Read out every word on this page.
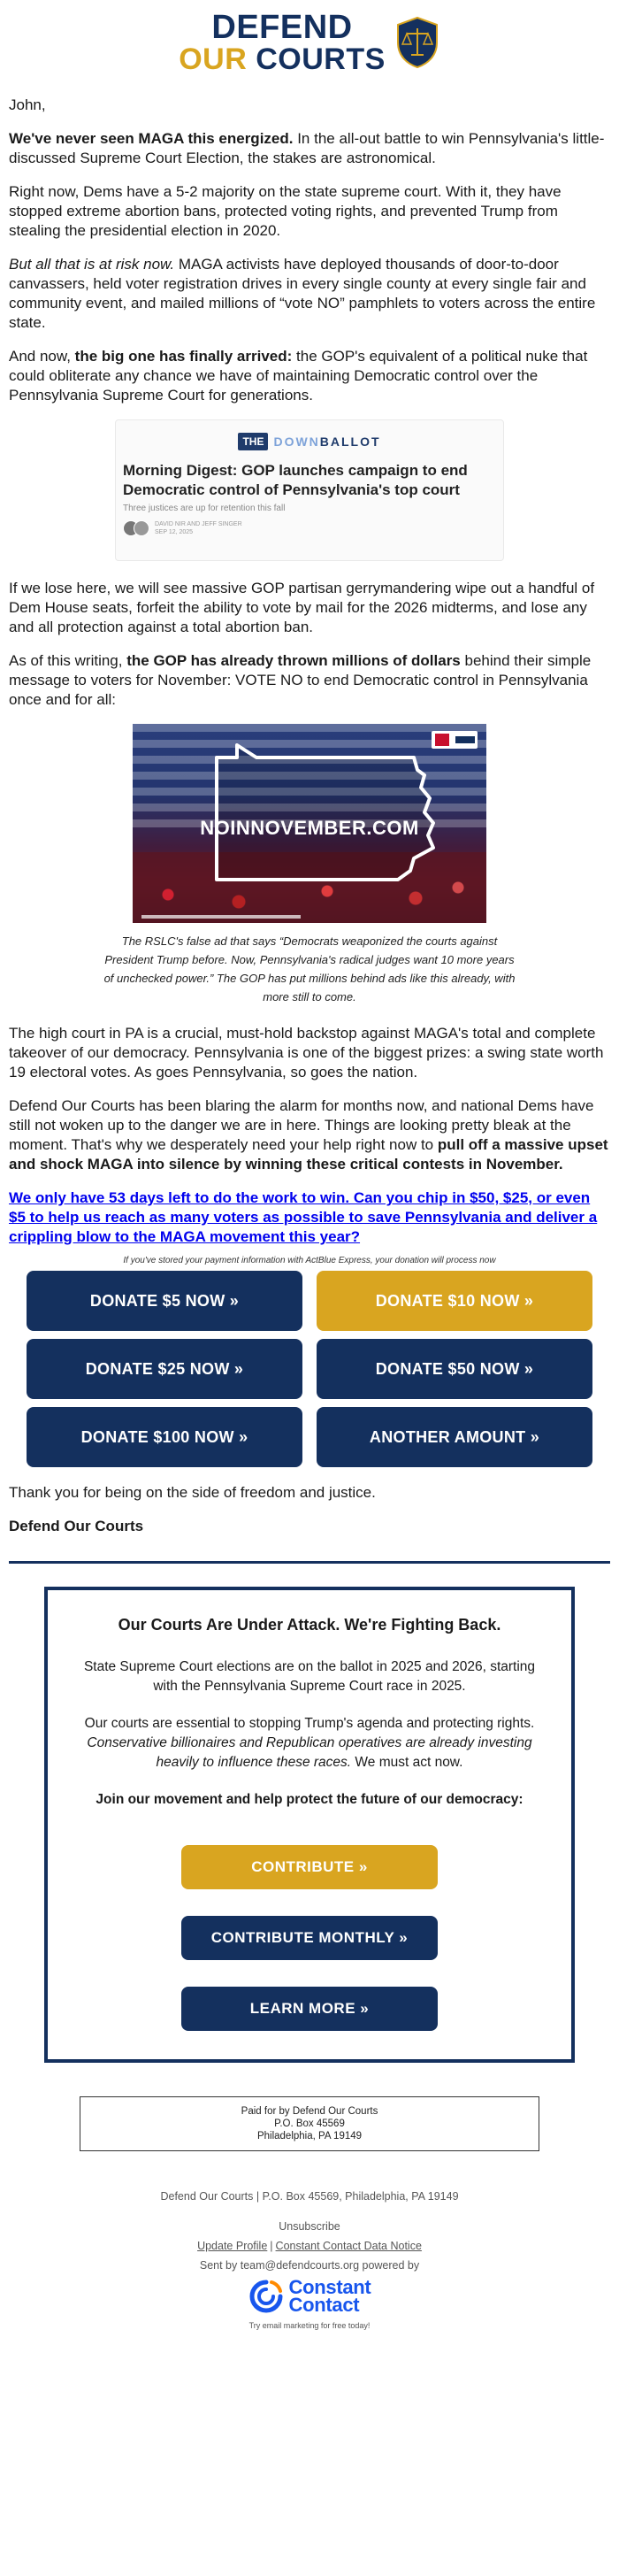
DEFEND
OUR COURTS

John,

We've never seen MAGA this energized. In the all-out battle to win Pennsylvania's little-discussed Supreme Court Election, the stakes are astronomical.

Right now, Dems have a 5-2 majority on the state supreme court. With it, they have stopped extreme abortion bans, protected voting rights, and prevented Trump from stealing the presidential election in 2020.

But all that is at risk now. MAGA activists have deployed thousands of door-to-door canvassers, held voter registration drives in every single county at every single fair and community event, and mailed millions of “vote NO” pamphlets to voters across the entire state.

And now, the big one has finally arrived: the GOP's equivalent of a political nuke that could obliterate any chance we have of maintaining Democratic control over the Pennsylvania Supreme Court for generations.

THE DOWNBALLOT
Morning Digest: GOP launches campaign to end Democratic control of Pennsylvania's top court
Three justices are up for retention this fall
DAVID NIR AND JEFF SINGER
SEP 12, 2025

If we lose here, we will see massive GOP partisan gerrymandering wipe out a handful of Dem House seats, forfeit the ability to vote by mail for the 2026 midterms, and lose any and all protection against a total abortion ban.

As of this writing, the GOP has already thrown millions of dollars behind their simple message to voters for November: VOTE NO to end Democratic control in Pennsylvania once and for all:

NOINNOVEMBER.COM
The RSLC's false ad that says “Democrats weaponized the courts against President Trump before. Now, Pennsylvania's radical judges want 10 more years of unchecked power.” The GOP has put millions behind ads like this already, with more still to come.

The high court in PA is a crucial, must-hold backstop against MAGA's total and complete takeover of our democracy. Pennsylvania is one of the biggest prizes: a swing state worth 19 electoral votes. As goes Pennsylvania, so goes the nation.

Defend Our Courts has been blaring the alarm for months now, and national Dems have still not woken up to the danger we are in here. Things are looking pretty bleak at the moment. That's why we desperately need your help right now to pull off a massive upset and shock MAGA into silence by winning these critical contests in November.

We only have 53 days left to do the work to win. Can you chip in $50, $25, or even $5 to help us reach as many voters as possible to save Pennsylvania and deliver a crippling blow to the MAGA movement this year?
If you've stored your payment information with ActBlue Express, your donation will process now
DONATE $5 NOW »	DONATE $10 NOW »
DONATE $25 NOW »	DONATE $50 NOW »
DONATE $100 NOW »	ANOTHER AMOUNT »

Thank you for being on the side of freedom and justice.

Defend Our Courts

Our Courts Are Under Attack. We're Fighting Back.

State Supreme Court elections are on the ballot in 2025 and 2026, starting with the Pennsylvania Supreme Court race in 2025.

Our courts are essential to stopping Trump's agenda and protecting rights. Conservative billionaires and Republican operatives are already investing heavily to influence these races. We must act now.

Join our movement and help protect the future of our democracy:

CONTRIBUTE »
CONTRIBUTE MONTHLY »
LEARN MORE »
Paid for by Defend Our Courts
P.O. Box 45569
Philadelphia, PA 19149
Defend Our Courts | P.O. Box 45569, Philadelphia, PA 19149
Unsubscribe
Update Profile | Constant Contact Data Notice
Sent by team@defendcourts.org powered by
Constant
Contact
Try email marketing for free today!
